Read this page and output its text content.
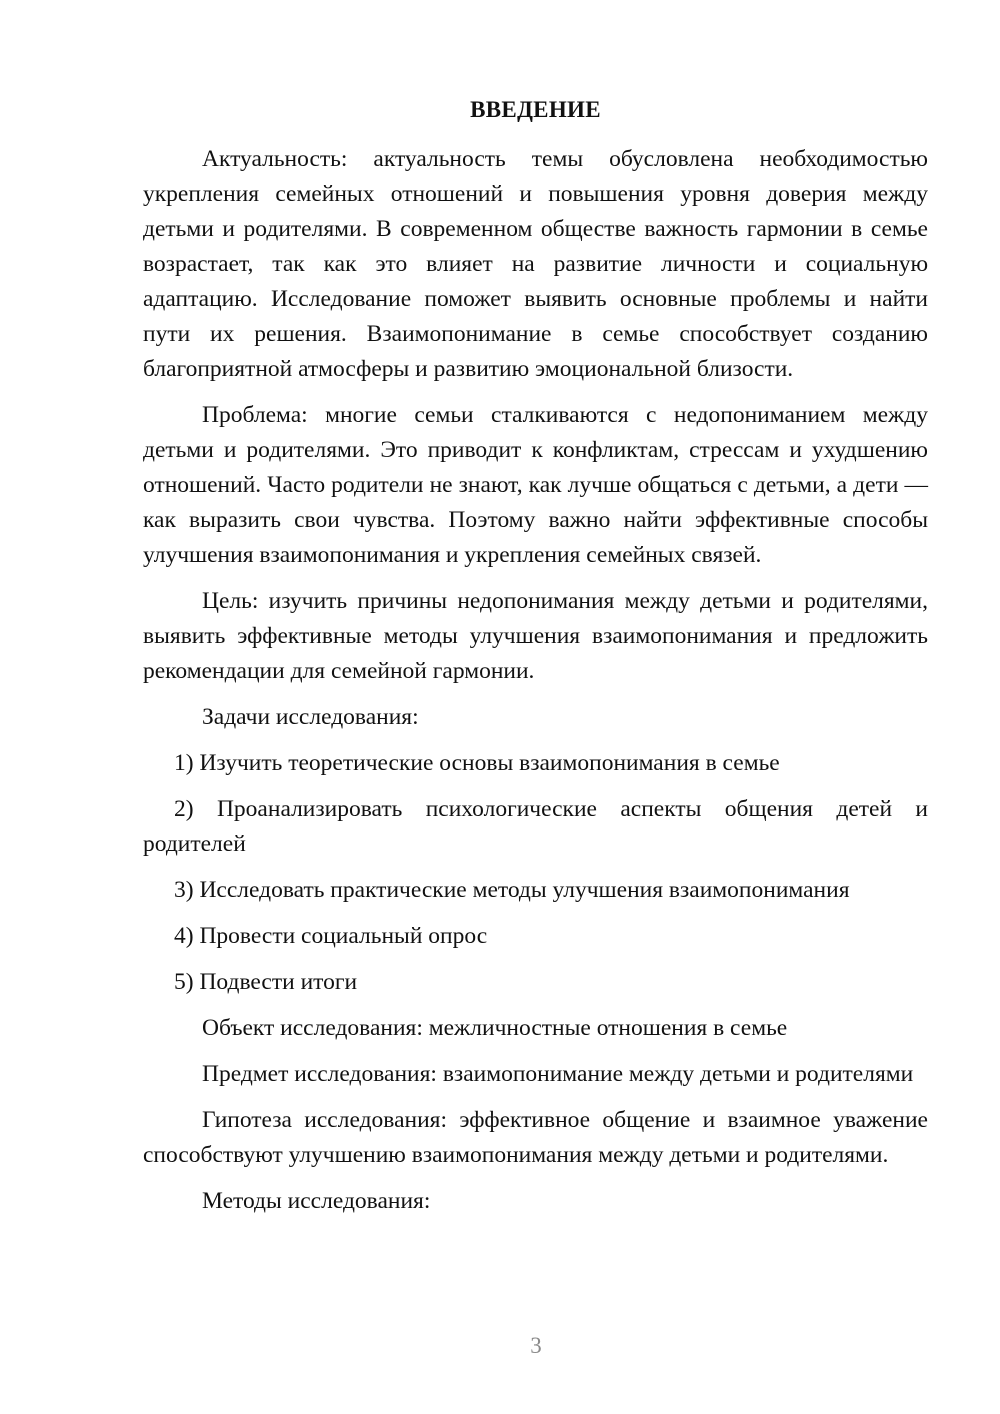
ВВЕДЕНИЕ

Актуальность: актуальность темы обусловлена необходимостью укрепления семейных отношений и повышения уровня доверия между детьми и родителями. В современном обществе важность гармонии в семье возрастает, так как это влияет на развитие личности и социальную адаптацию. Исследование поможет выявить основные проблемы и найти пути их решения. Взаимопонимание в семье способствует созданию благоприятной атмосферы и развитию эмоциональной близости.

Проблема: многие семьи сталкиваются с недопониманием между детьми и родителями. Это приводит к конфликтам, стрессам и ухудшению отношений. Часто родители не знают, как лучше общаться с детьми, а дети — как выразить свои чувства. Поэтому важно найти эффективные способы улучшения взаимопонимания и укрепления семейных связей.

Цель: изучить причины недопонимания между детьми и родителями, выявить эффективные методы улучшения взаимопонимания и предложить рекомендации для семейной гармонии.

Задачи исследования:

1) Изучить теоретические основы взаимопонимания в семье

2) Проанализировать психологические аспекты общения детей и родителей

3) Исследовать практические методы улучшения взаимопонимания

4) Провести социальный опрос

5) Подвести итоги

Объект исследования: межличностные отношения в семье

Предмет исследования: взаимопонимание между детьми и родителями

Гипотеза исследования: эффективное общение и взаимное уважение способствуют улучшению взаимопонимания между детьми и родителями.

Методы исследования:

3
